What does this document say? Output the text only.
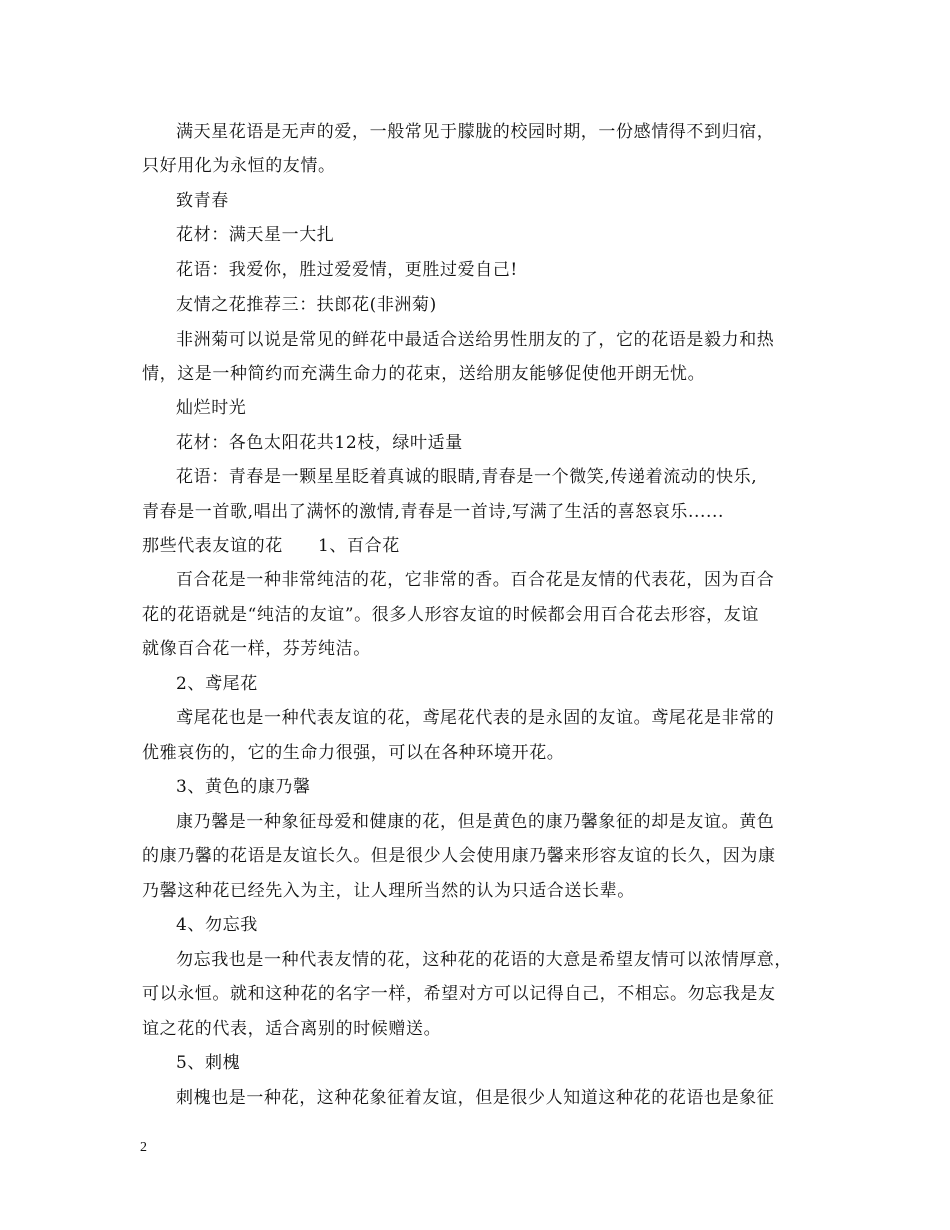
满天星花语是无声的爱，一般常见于朦胧的校园时期，一份感情得不到归宿，
只好用化为永恒的友情。
致青春
花材：满天星一大扎
花语：我爱你，胜过爱爱情，更胜过爱自己!
友情之花推荐三：扶郎花(非洲菊)
非洲菊可以说是常见的鲜花中最适合送给男性朋友的了，它的花语是毅力和热
情，这是一种简约而充满生命力的花束，送给朋友能够促使他开朗无忧。
灿烂时光
花材：各色太阳花共12枝，绿叶适量
花语：青春是一颗星星眨着真诚的眼睛,青春是一个微笑,传递着流动的快乐,
青春是一首歌,唱出了满怀的激情,青春是一首诗,写满了生活的喜怒哀乐......
那些代表友谊的花　　1、百合花
百合花是一种非常纯洁的花，它非常的香。百合花是友情的代表花，因为百合
花的花语就是“纯洁的友谊”。很多人形容友谊的时候都会用百合花去形容，友谊
就像百合花一样，芬芳纯洁。
2、鸢尾花
鸢尾花也是一种代表友谊的花，鸢尾花代表的是永固的友谊。鸢尾花是非常的
优雅哀伤的，它的生命力很强，可以在各种环境开花。
3、黄色的康乃馨
康乃馨是一种象征母爱和健康的花，但是黄色的康乃馨象征的却是友谊。黄色
的康乃馨的花语是友谊长久。但是很少人会使用康乃馨来形容友谊的长久，因为康
乃馨这种花已经先入为主，让人理所当然的认为只适合送长辈。
4、勿忘我
勿忘我也是一种代表友情的花，这种花的花语的大意是希望友情可以浓情厚意，
可以永恒。就和这种花的名字一样，希望对方可以记得自己，不相忘。勿忘我是友
谊之花的代表，适合离别的时候赠送。
5、刺槐
刺槐也是一种花，这种花象征着友谊，但是很少人知道这种花的花语也是象征
2
